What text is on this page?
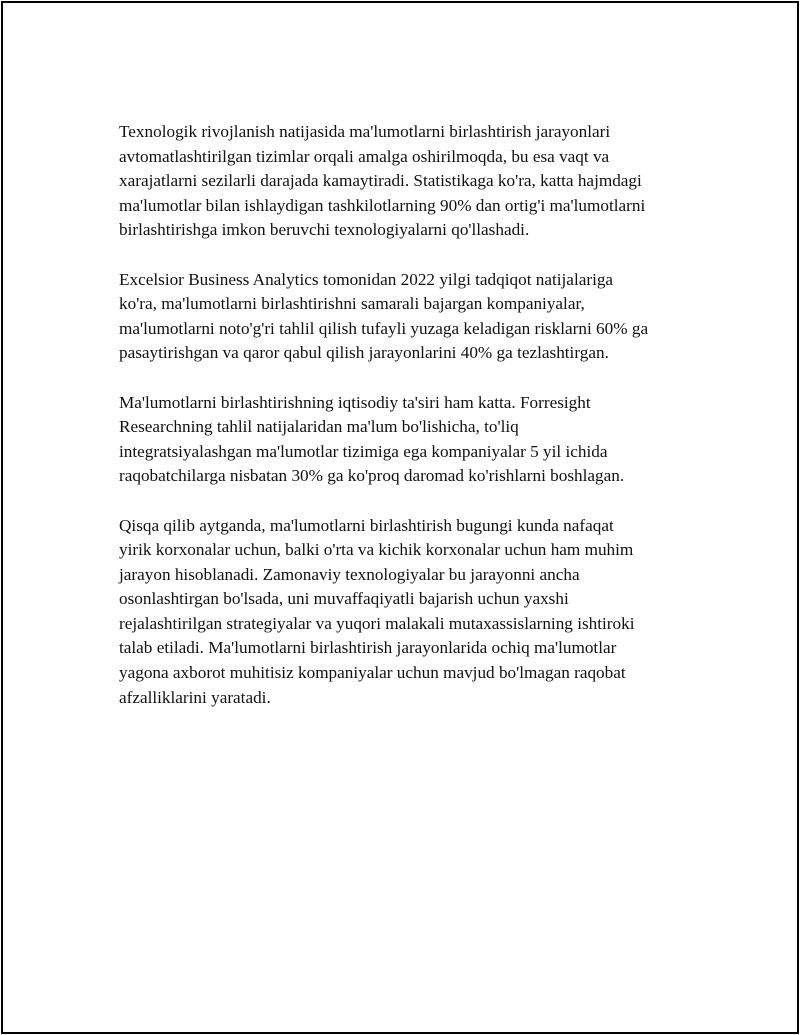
Texnologik rivojlanish natijasida ma'lumotlarni birlashtirish jarayonlari
avtomatlashtirilgan tizimlar orqali amalga oshirilmoqda, bu esa vaqt va
xarajatlarni sezilarli darajada kamaytiradi. Statistikaga ko'ra, katta hajmdagi
ma'lumotlar bilan ishlaydigan tashkilotlarning 90% dan ortig'i ma'lumotlarni
birlashtirishga imkon beruvchi texnologiyalarni qo'llashadi.

Excelsior Business Analytics tomonidan 2022 yilgi tadqiqot natijalariga
ko'ra, ma'lumotlarni birlashtirishni samarali bajargan kompaniyalar,
ma'lumotlarni noto'g'ri tahlil qilish tufayli yuzaga keladigan risklarni 60% ga
pasaytirishgan va qaror qabul qilish jarayonlarini 40% ga tezlashtirgan.

Ma'lumotlarni birlashtirishning iqtisodiy ta'siri ham katta. Forresight
Researchning tahlil natijalaridan ma'lum bo'lishicha, to'liq
integratsiyalashgan ma'lumotlar tizimiga ega kompaniyalar 5 yil ichida
raqobatchilarga nisbatan 30% ga ko'proq daromad ko'rishlarni boshlagan.

Qisqa qilib aytganda, ma'lumotlarni birlashtirish bugungi kunda nafaqat
yirik korxonalar uchun, balki o'rta va kichik korxonalar uchun ham muhim
jarayon hisoblanadi. Zamonaviy texnologiyalar bu jarayonni ancha
osonlashtirgan bo'lsada, uni muvaffaqiyatli bajarish uchun yaxshi
rejalashtirilgan strategiyalar va yuqori malakali mutaxassislarning ishtiroki
talab etiladi. Ma'lumotlarni birlashtirish jarayonlarida ochiq ma'lumotlar
yagona axborot muhitisiz kompaniyalar uchun mavjud bo'lmagan raqobat
afzalliklarini yaratadi.
